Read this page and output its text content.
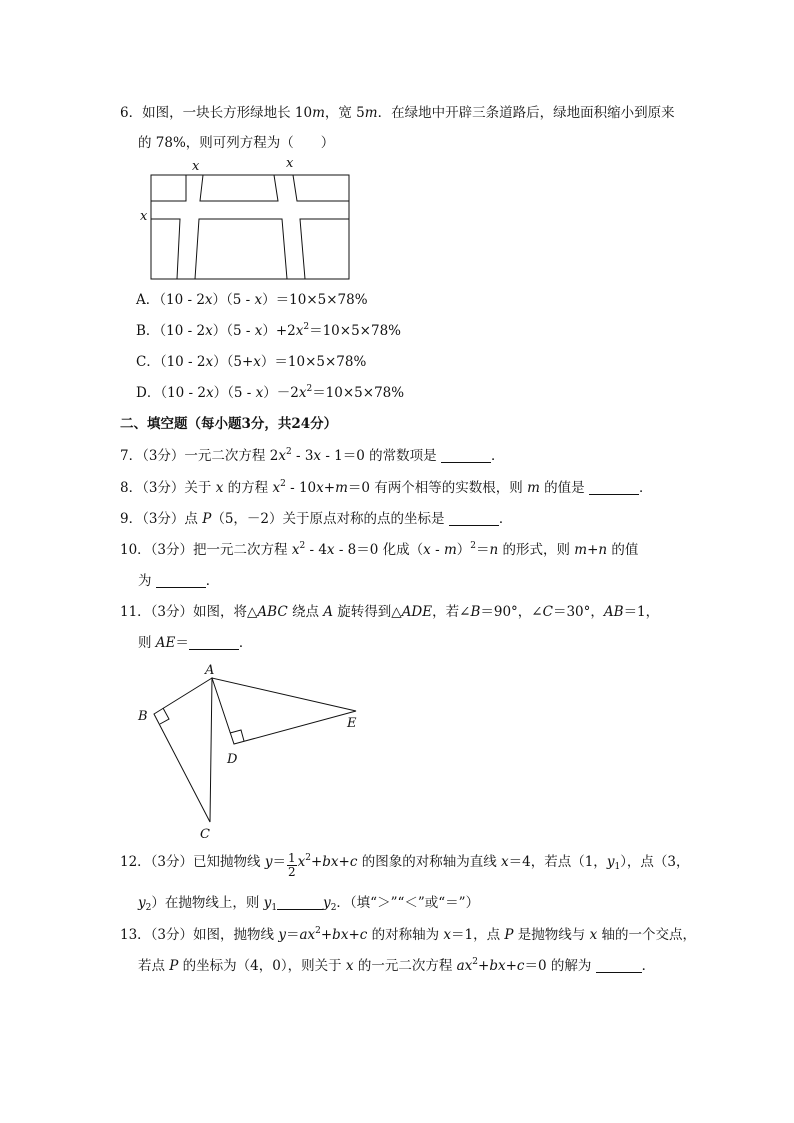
6．如图，一块长方形绿地长 10m，宽 5m．在绿地中开辟三条道路后，绿地面积缩小到原来
的 78%，则可列方程为（　　）
x	x
x
A．（10 - 2x）（5 - x）＝10×5×78%
B．$(10 - 2x)(5 - x)+2x^2=10\times 5\times 78\%$
C．（10 - 2x）（5+x）＝10×5×78%
D．$(10 - 2x)(5 - x)-2x^2=10\times 5\times 78\%$
二、填空题（每小题3分，共24分）
7．（3分）一元二次方程 $2x^2 - 3x - 1=0$ 的常数项是	．
8．（3分）关于 x 的方程 $x^2 - 10x+m=0$ 有两个相等的实数根，则 m 的值是	．
9．（3分）点 P（5，－2）关于原点对称的点的坐标是	．
10．（3分）把一元二次方程 $x^2 - 4x - 8=0$ 化成（x - m）$^2$＝n 的形式，则 m+n 的值
为	．
11．（3分）如图，将△ABC 绕点 A 旋转得到△ADE，若∠B＝90°，∠C＝30°，AB＝1，
则 AE＝	．
A
B
C
D
E
12．（3分）已知抛物线 $y= \frac{1}{2} x^2+bx+c$ 的图象的对称轴为直线 x＝4，若点（1，$y_1$），点（3，
$y_2$）在抛物线上，则 $y_1$	$y_2$．（填“＞”“＜”或“＝”）
13．（3分）如图，抛物线 $y=ax^2+bx+c$ 的对称轴为 x＝1，点 P 是抛物线与 x 轴的一个交点，
若点 P 的坐标为（4，0），则关于 x 的一元二次方程 $ax^2+bx+c=0$ 的解为	．
